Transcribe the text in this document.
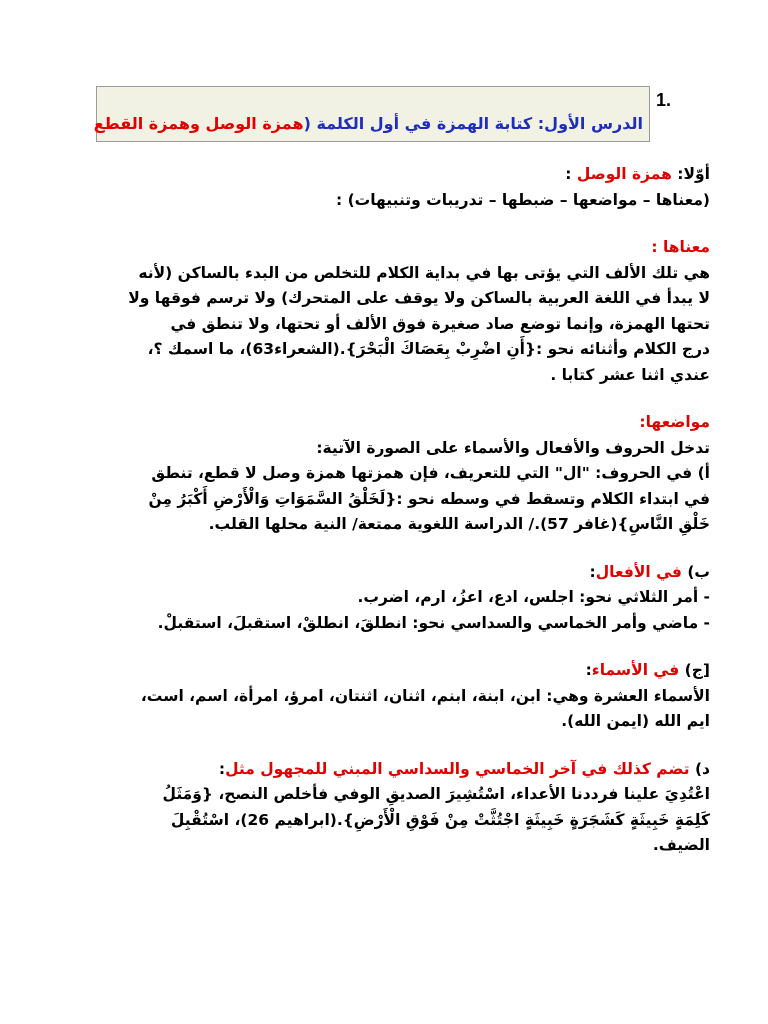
1.
الدرس الأول: كتابة الهمزة في أول الكلمة (همزة الوصل وهمزة القطع

أوّلا: همزة الوصل :

(معناها – مواضعها – ضبطها – تدريبات وتنبيهات) :

معناها :

هي تلك الألف التي يؤتى بها في بداية الكلام للتخلص من البدء بالساكن (لأنه

لا يبدأ في اللغة العربية بالساكن ولا يوقف على المتحرك) ولا ترسم فوقها ولا

تحتها الهمزة، وإنما توضع صاد صغيرة فوق الألف أو تحتها، ولا تنطق في

درج الكلام وأثنائه نحو :{أَنِ اضْرِبْ بِعَصَاكَ الْبَحْرَ}.(الشعراء63)، ما اسمك ؟،

عندي اثنا عشر كتابا .

مواضعها:

تدخل الحروف والأفعال والأسماء على الصورة الآتية:

أ) في الحروف: "ال" التي للتعريف، فإن همزتها همزة وصل لا قطع، تنطق

في ابتداء الكلام وتسقط في وسطه نحو :{لَخَلْقُ السَّمَوَاتِ وَالْأَرْضِ أَكْبَرُ مِنْ

خَلْقِ النَّاسِ}(غافر 57)./ الدراسة اللغوية ممتعة/ النية محلها القلب.

ب) في الأفعال:

- أمر الثلاثي نحو: اجلس، ادع، اعزُ، ارم، اضرب.

- ماضي وأمر الخماسي والسداسي نحو: انطلقَ، انطلقْ، استقبلَ، استقبلْ.

[ج) في الأسماء:

الأسماء العشرة وهي: ابن، ابنة، ابنم، اثنان، اثنتان، امرؤ، امرأة، اسم، است،

ايم الله (ايمن الله).

د) تضم كذلك في آخر الخماسي والسداسي المبني للمجهول مثل:

اعْتُدِيَ علينا فرددنا الأعداء، اسْتُشِيرَ الصديقِ الوفي فأخلص النصح، {وَمَثَلُ

كَلِمَةٍ خَبِيثَةٍ كَشَجَرَةٍ خَبِيثَةٍ اجْتُثَّتْ مِنْ فَوْقِ الْأَرْضِ}.(ابراهيم 26)، اسْتُقْبِلَ

الضيف.
